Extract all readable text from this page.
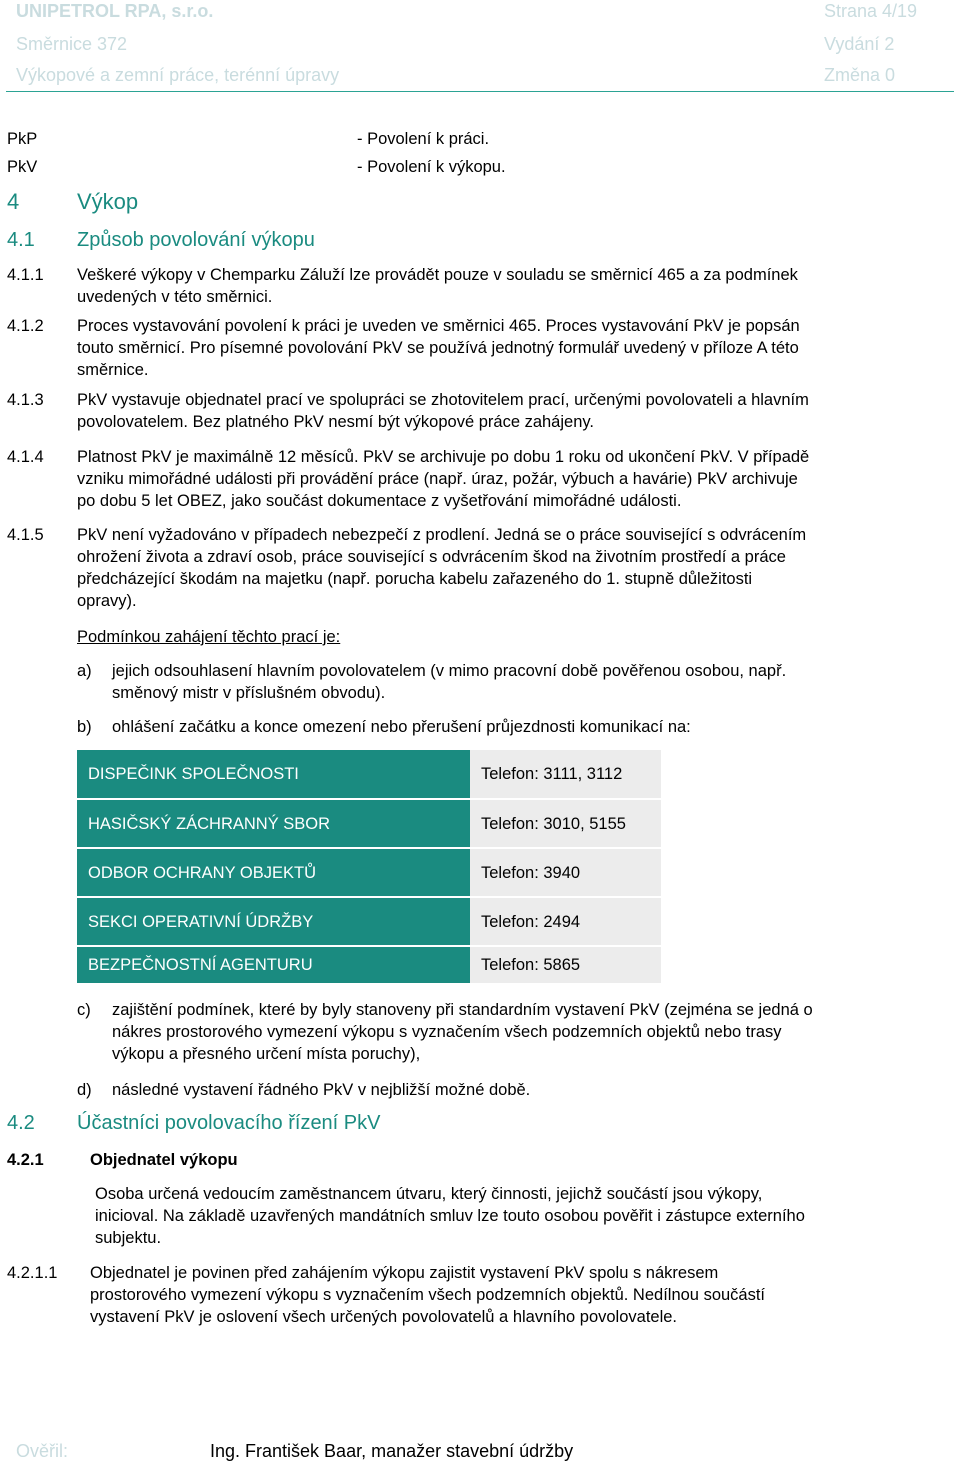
UNIPETROL RPA, s.r.o.	Strana 4/19
Směrnice 372	Vydání 2
Výkopové a zemní práce, terénní úpravy	Změna 0
PkP	- Povolení k práci.
PkV	- Povolení k výkopu.
4	Výkop
4.1 Způsob povolování výkopu
4.1.1 Veškeré výkopy v Chemparku Záluží lze provádět pouze v souladu se směrnicí 465 a za podmínek
uvedených v této směrnici.
4.1.2 Proces vystavování povolení k práci je uveden ve směrnici 465. Proces vystavování PkV je popsán
touto směrnicí. Pro písemné povolování PkV se používá jednotný formulář uvedený v příloze A této
směrnice.
4.1.3 PkV vystavuje objednatel prací ve spolupráci se zhotovitelem prací, určenými povolovateli a hlavním
povolovatelem. Bez platného PkV nesmí být výkopové práce zahájeny.
4.1.4 Platnost PkV je maximálně 12 měsíců. PkV se archivuje po dobu 1 roku od ukončení PkV. V případě
vzniku mimořádné události při provádění práce (např. úraz, požár, výbuch a havárie) PkV archivuje
po dobu 5 let OBEZ, jako součást dokumentace z vyšetřování mimořádné události.
4.1.5 PkV není vyžadováno v případech nebezpečí z prodlení. Jedná se o práce související s odvrácením
ohrožení života a zdraví osob, práce související s odvrácením škod na životním prostředí a práce
předcházející škodám na majetku (např. porucha kabelu zařazeného do 1. stupně důležitosti
opravy).
Podmínkou zahájení těchto prací je:
a) jejich odsouhlasení hlavním povolovatelem (v mimo pracovní době pověřenou osobou, např.
směnový mistr v příslušném obvodu).
b) ohlášení začátku a konce omezení nebo přerušení průjezdnosti komunikací na:
DISPEČINK SPOLEČNOSTI	Telefon: 3111, 3112
HASIČSKÝ ZÁCHRANNÝ SBOR	Telefon: 3010, 5155
ODBOR OCHRANY OBJEKTŮ	Telefon: 3940
SEKCI OPERATIVNÍ ÚDRŽBY	Telefon: 2494
BEZPEČNOSTNÍ AGENTURU	Telefon: 5865
c) zajištění podmínek, které by byly stanoveny při standardním vystavení PkV (zejména se jedná o
nákres prostorového vymezení výkopu s vyznačením všech podzemních objektů nebo trasy
výkopu a přesného určení místa poruchy),
d) následné vystavení řádného PkV v nejbližší možné době.
4.2 Účastníci povolovacího řízení PkV
4.2.1	Objednatel výkopu
Osoba určená vedoucím zaměstnancem útvaru, který činnosti, jejichž součástí jsou výkopy,
inicioval. Na základě uzavřených mandátních smluv lze touto osobou pověřit i zástupce externího
subjektu.
4.2.1.1 Objednatel je povinen před zahájením výkopu zajistit vystavení PkV spolu s nákresem
prostorového vymezení výkopu s vyznačením všech podzemních objektů. Nedílnou součástí
vystavení PkV je oslovení všech určených povolovatelů a hlavního povolovatele.
Ověřil:	Ing. František Baar, manažer stavební údržby
